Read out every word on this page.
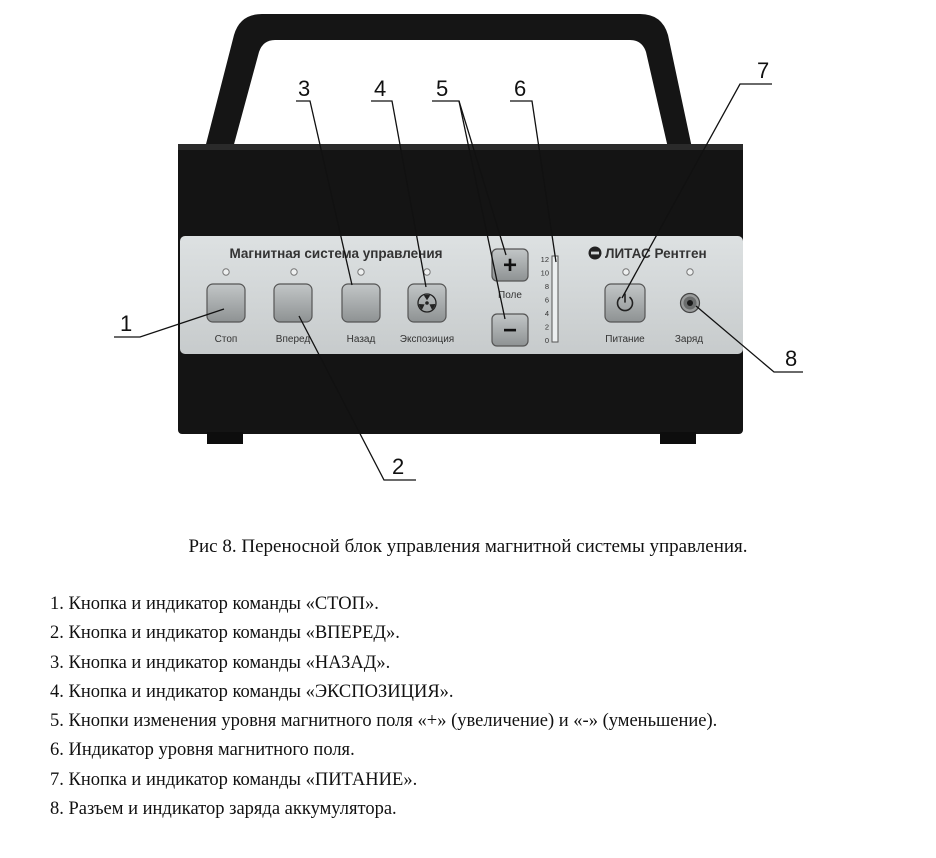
Магнитная система управления
Стоп	Вперед	Назад Экспозиция
+
Поле
−
12
10
8
6
4
2
0
ЛИТАС Рентген
Питание	Заряд
1
2
3	4 5	6
7
8
Рис 8. Переносной блок управления магнитной системы управления.
1. Кнопка и индикатор команды «СТОП».
2. Кнопка и индикатор команды «ВПЕРЕД».
3. Кнопка и индикатор команды «НАЗАД».
4. Кнопка и индикатор команды «ЭКСПОЗИЦИЯ».
5. Кнопки изменения уровня магнитного поля «+» (увеличение) и «-» (уменьшение).
6. Индикатор уровня магнитного поля.
7. Кнопка и индикатор команды «ПИТАНИЕ».
8. Разъем и индикатор заряда аккумулятора.
